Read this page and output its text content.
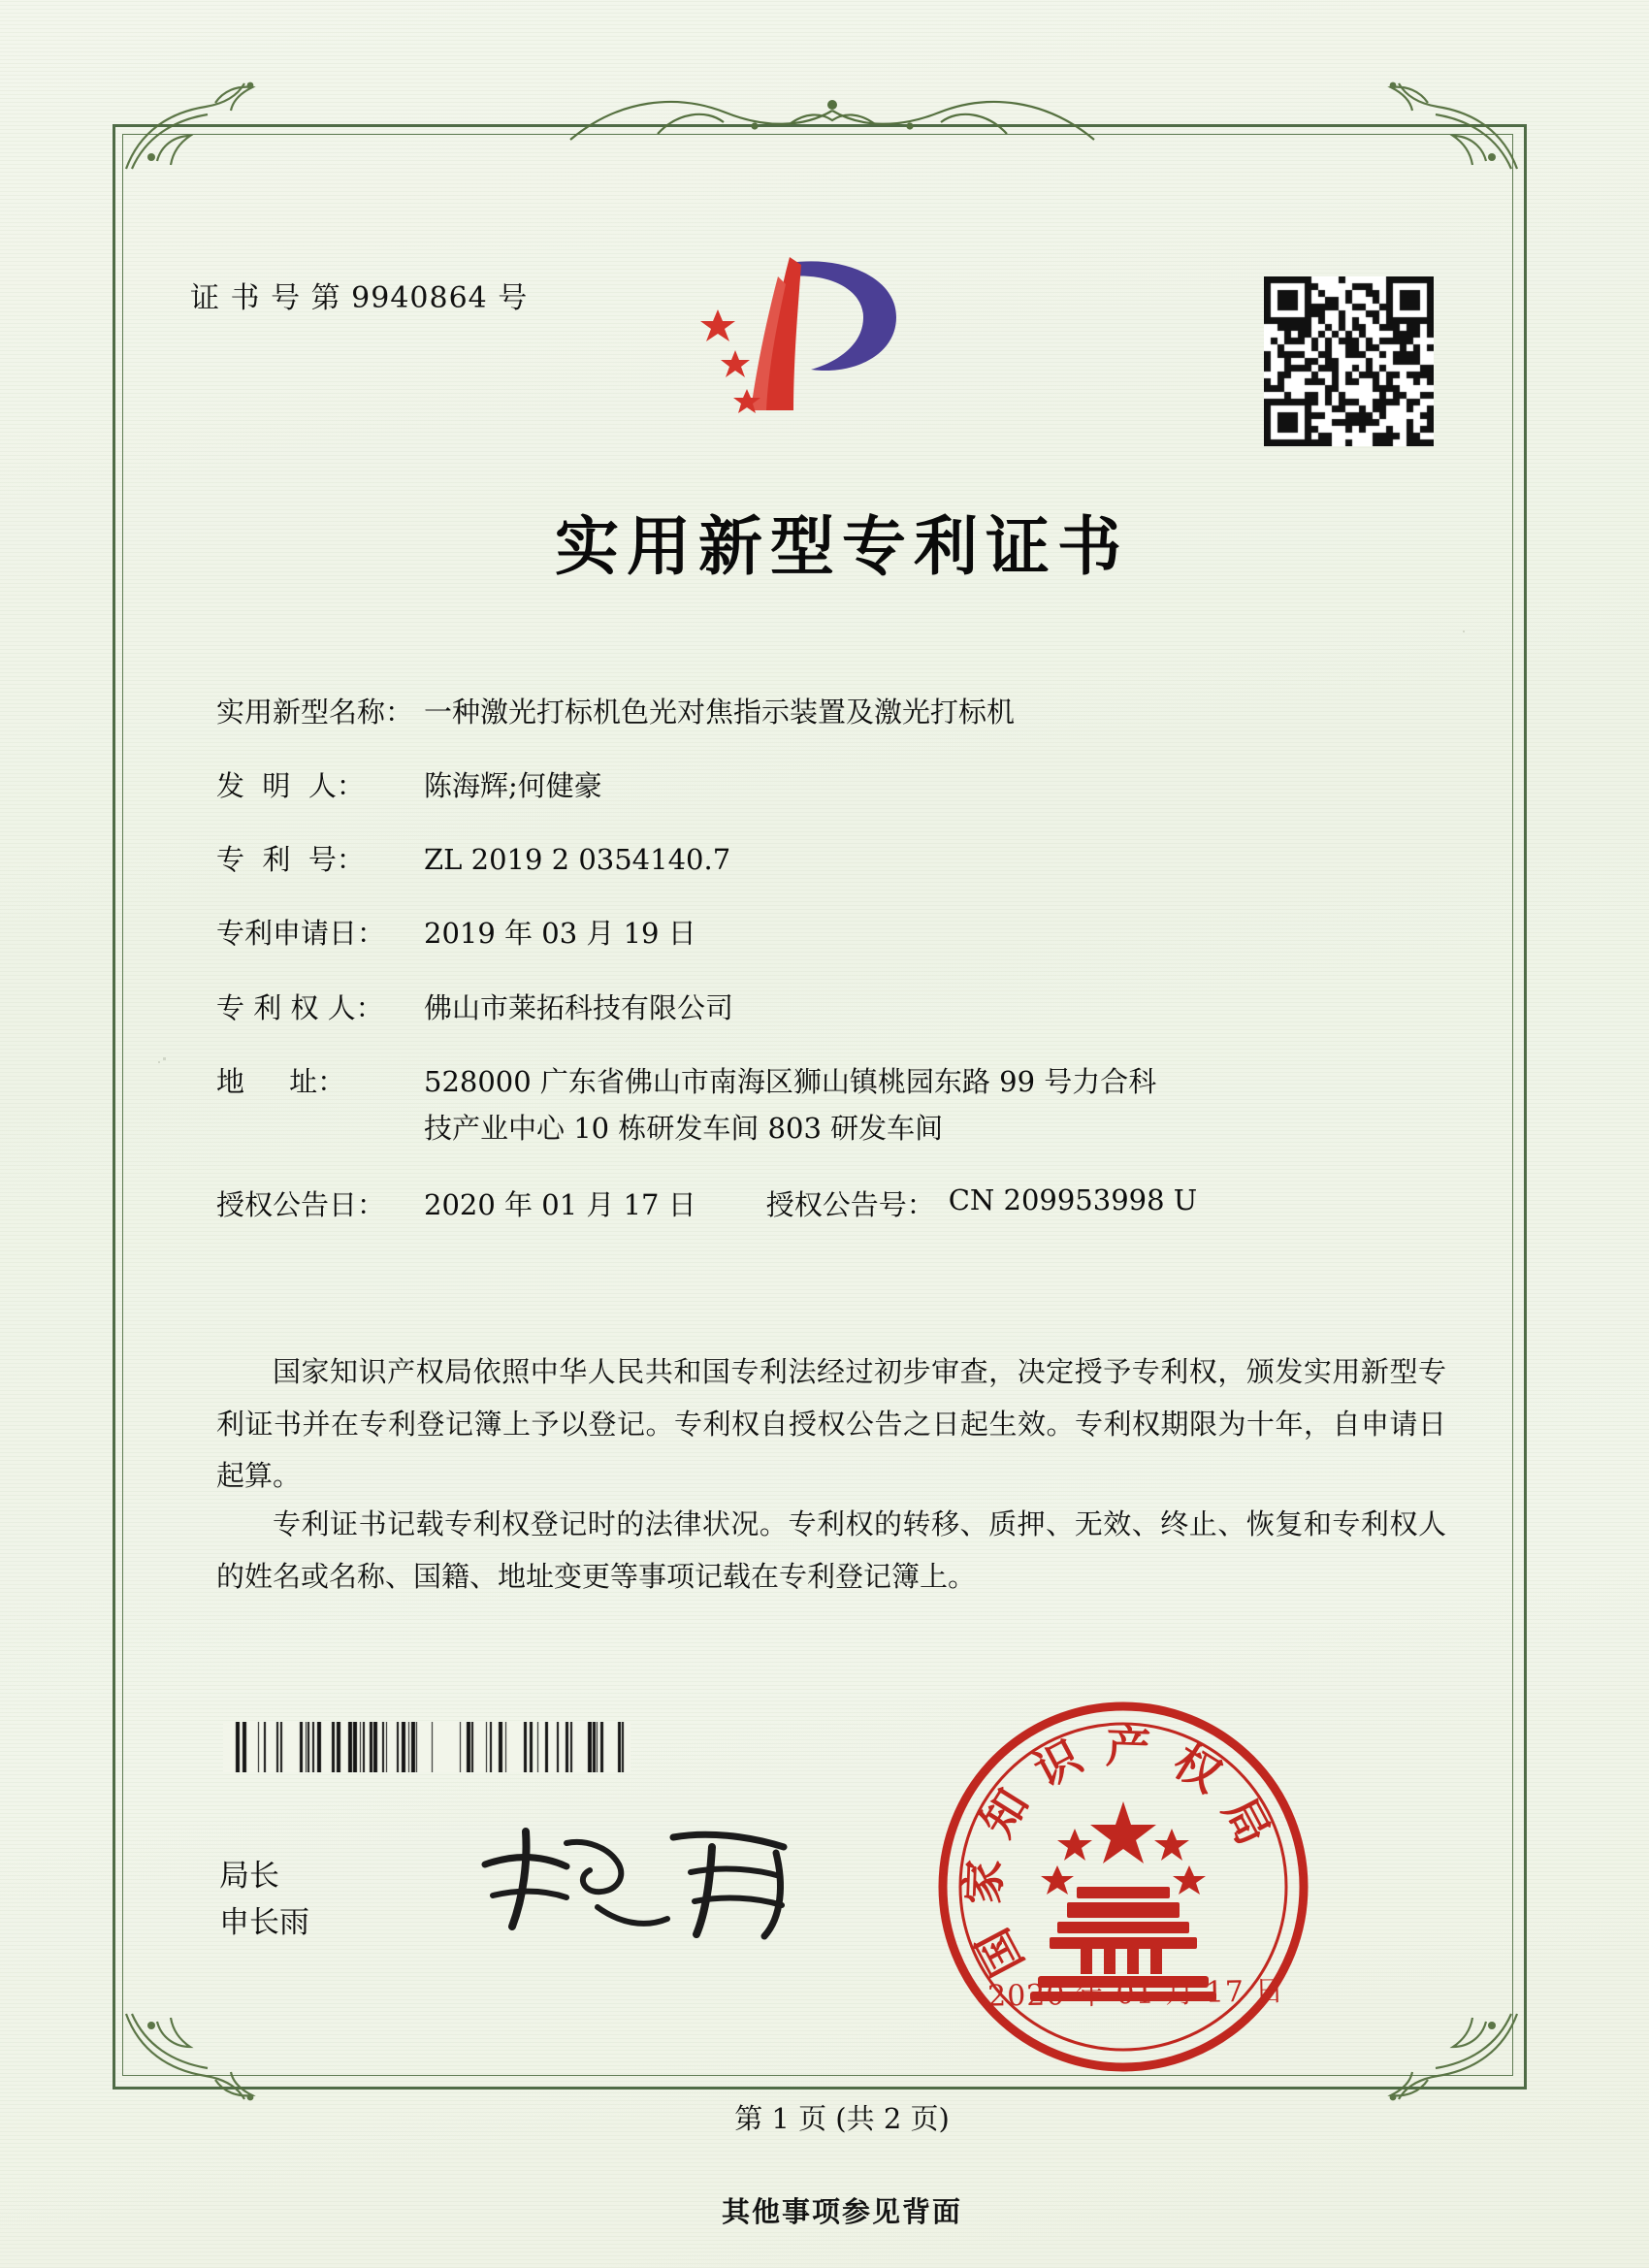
证 书 号 第 9940864 号
实用新型专利证书
实用新型名称： 一种激光打标机色光对焦指示装置及激光打标机
发  明  人：	陈海辉;何健豪
专  利  号：	ZL 2019 2 0354140.7
专利申请日：	2019 年 03 月 19 日
专 利 权 人：	佛山市莱拓科技有限公司
地     址：	528000 广东省佛山市南海区狮山镇桃园东路 99 号力合科
技产业中心 10 栋研发车间 803 研发车间
授权公告日：	2020 年 01 月 17 日 授权公告号： CN 209953998 U
国家知识产权局依照中华人民共和国专利法经过初步审查，决定授予专利权，颁发实用新型专利证书并在专利登记簿上予以登记。专利权自授权公告之日起生效。专利权期限为十年，自申请日起算。
专利证书记载专利权登记时的法律状况。专利权的转移、质押、无效、终止、恢复和专利权人的姓名或名称、国籍、地址变更等事项记载在专利登记簿上。
局长
申长雨	国
家
知
识 产 权
局
2020 年 01 月 17 日
第 1 页 (共 2 页)
其他事项参见背面
